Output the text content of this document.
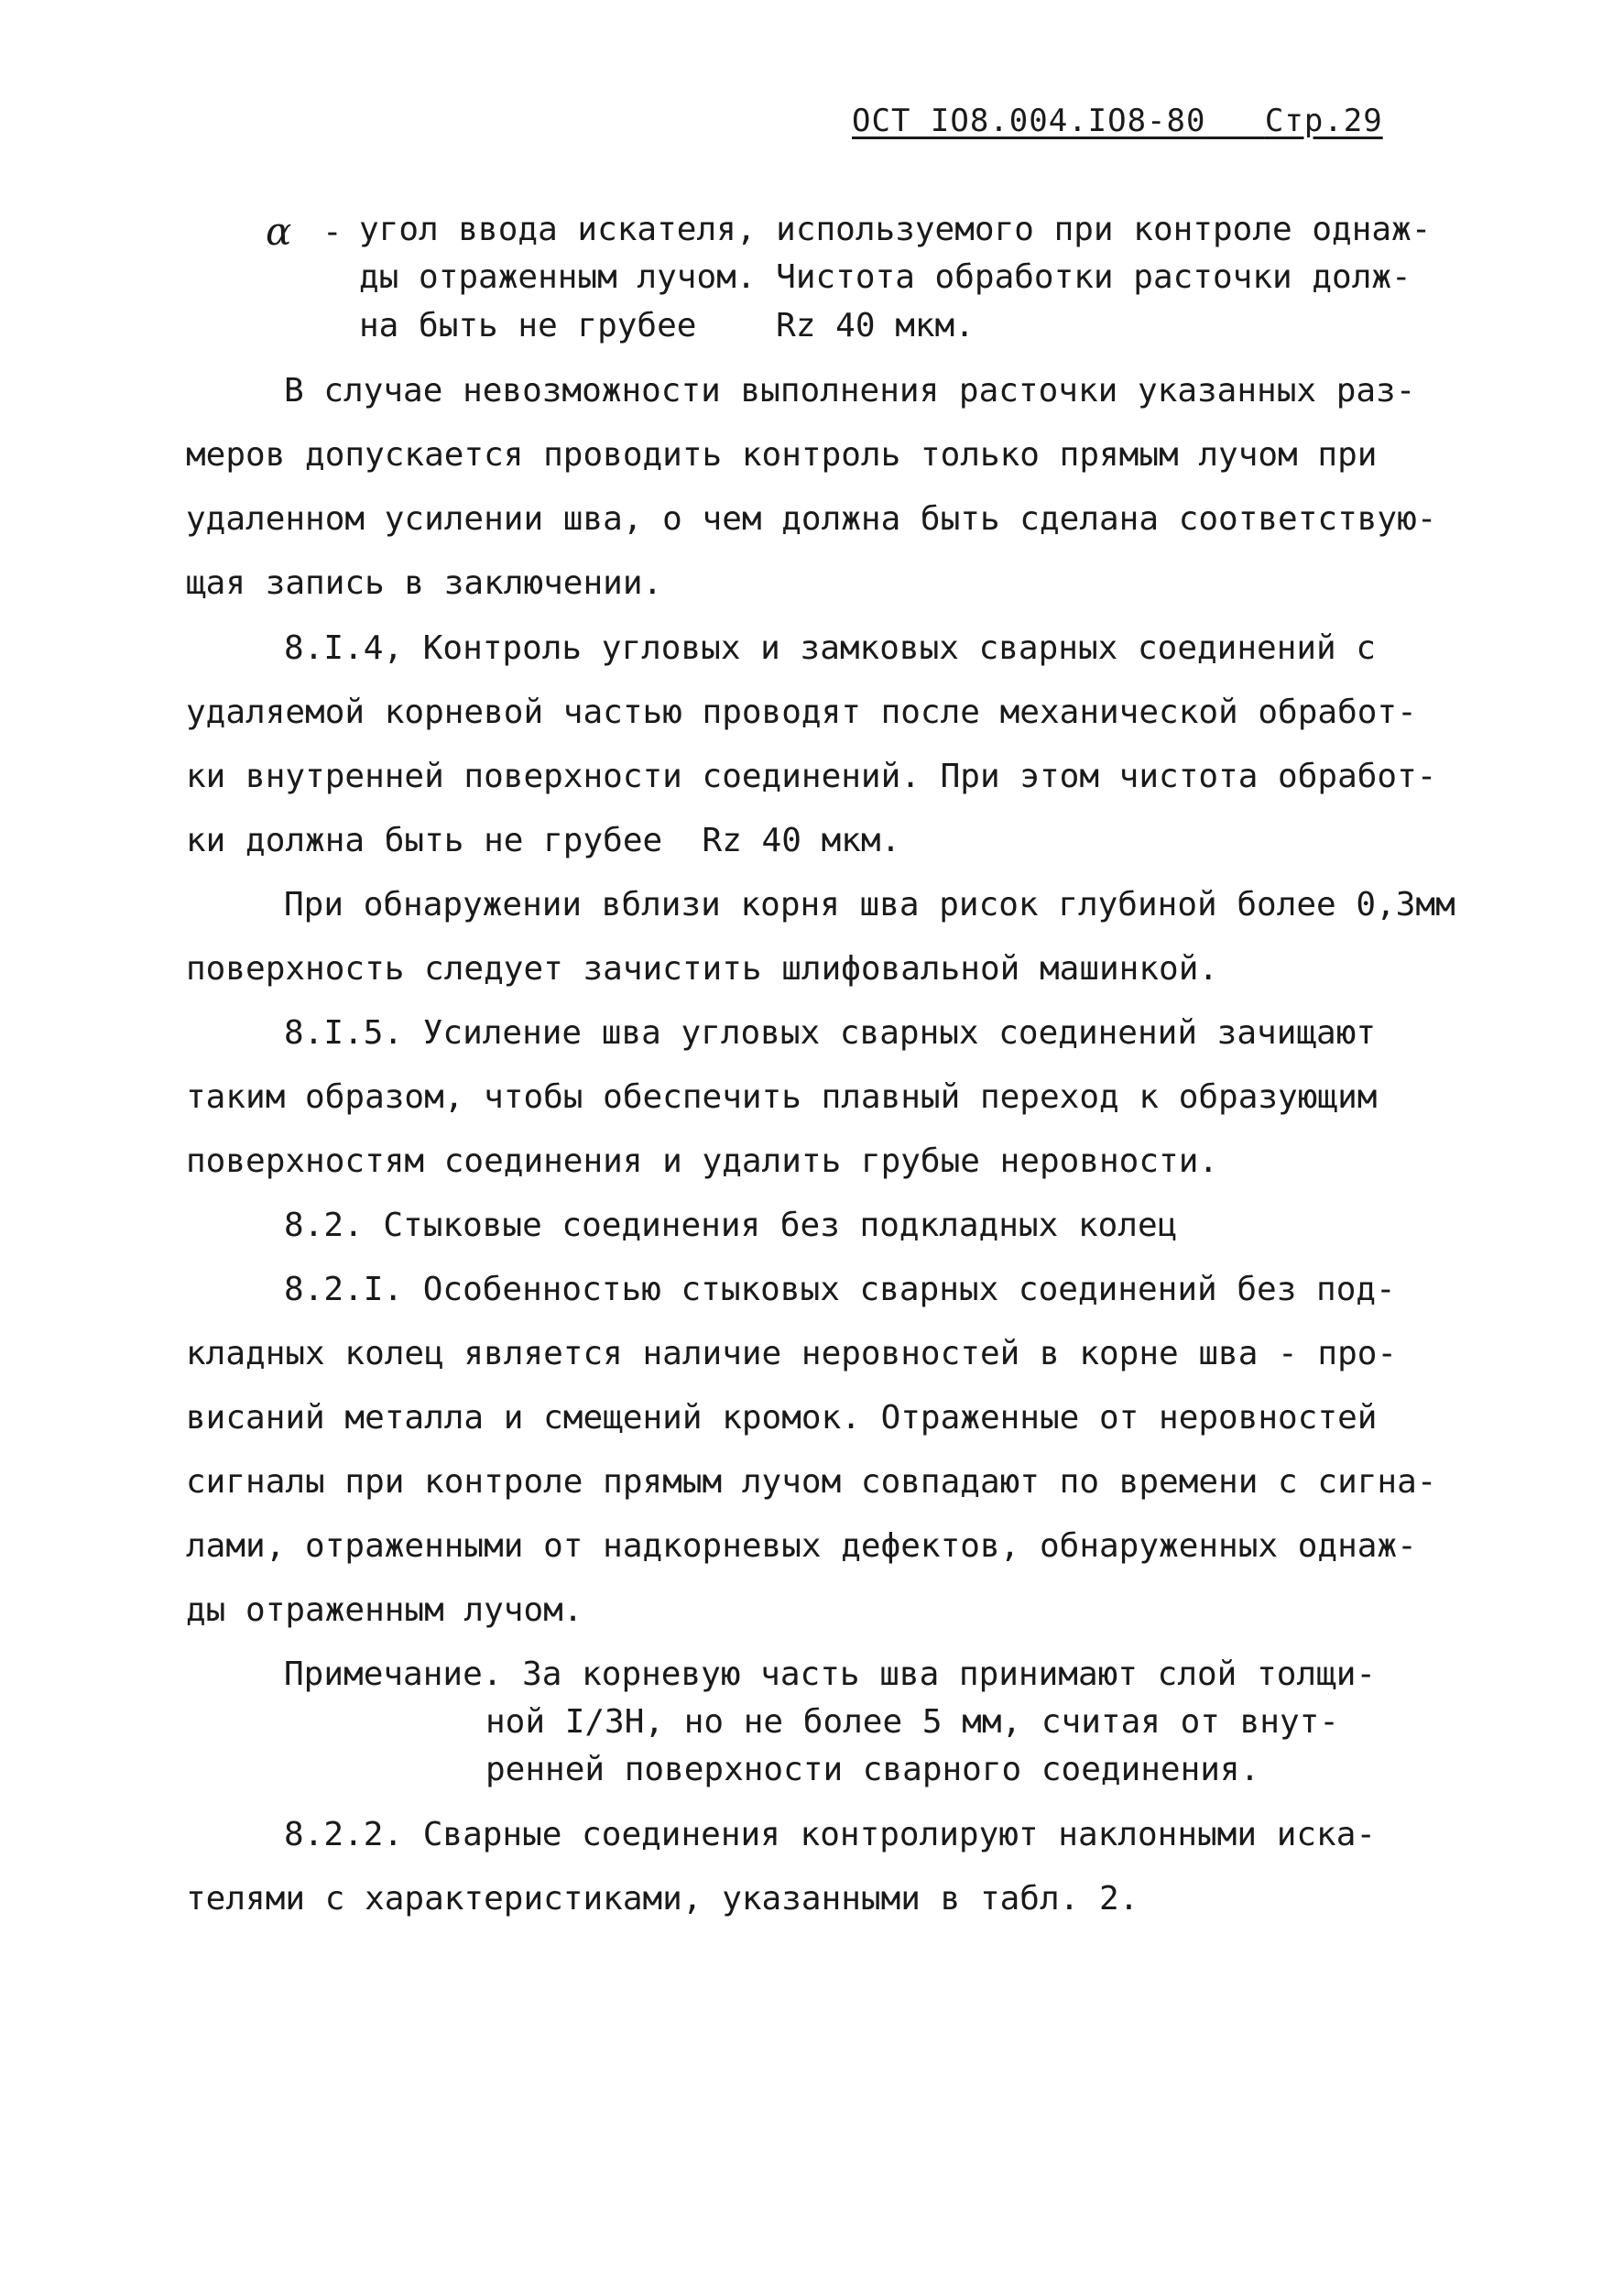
ОСТ IO8.004.IO8-80 Стр.29
α - угол ввода искателя, используемого при контроле однаж-
ды отраженным лучом. Чистота обработки расточки долж-
на быть не грубее    Rz 40 мкм.
В случае невозможности выполнения расточки указанных раз-
меров допускается проводить контроль только прямым лучом при
удаленном усилении шва, о чем должна быть сделана соответствую-
щая запись в заключении.
8.I.4, Контроль угловых и замковых сварных соединений с
удаляемой корневой частью проводят после механической обработ-
ки внутренней поверхности соединений. При этом чистота обработ-
ки должна быть не грубее  Rz 40 мкм.
При обнаружении вблизи корня шва рисок глубиной более 0,3мм
поверхность следует зачистить шлифовальной машинкой.
8.I.5. Усиление шва угловых сварных соединений зачищают
таким образом, чтобы обеспечить плавный переход к образующим
поверхностям соединения и удалить грубые неровности.
8.2. Стыковые соединения без подкладных колец
8.2.I. Особенностью стыковых сварных соединений без под-
кладных колец является наличие неровностей в корне шва - про-
висаний металла и смещений кромок. Отраженные от неровностей
сигналы при контроле прямым лучом совпадают по времени с сигна-
лами, отраженными от надкорневых дефектов, обнаруженных однаж-
ды отраженным лучом.
Примечание. За корневую часть шва принимают слой толщи-
ной I/3H, но не более 5 мм, считая от внут-
ренней поверхности сварного соединения.
8.2.2. Сварные соединения контролируют наклонными иска-
телями с характеристиками, указанными в табл. 2.
